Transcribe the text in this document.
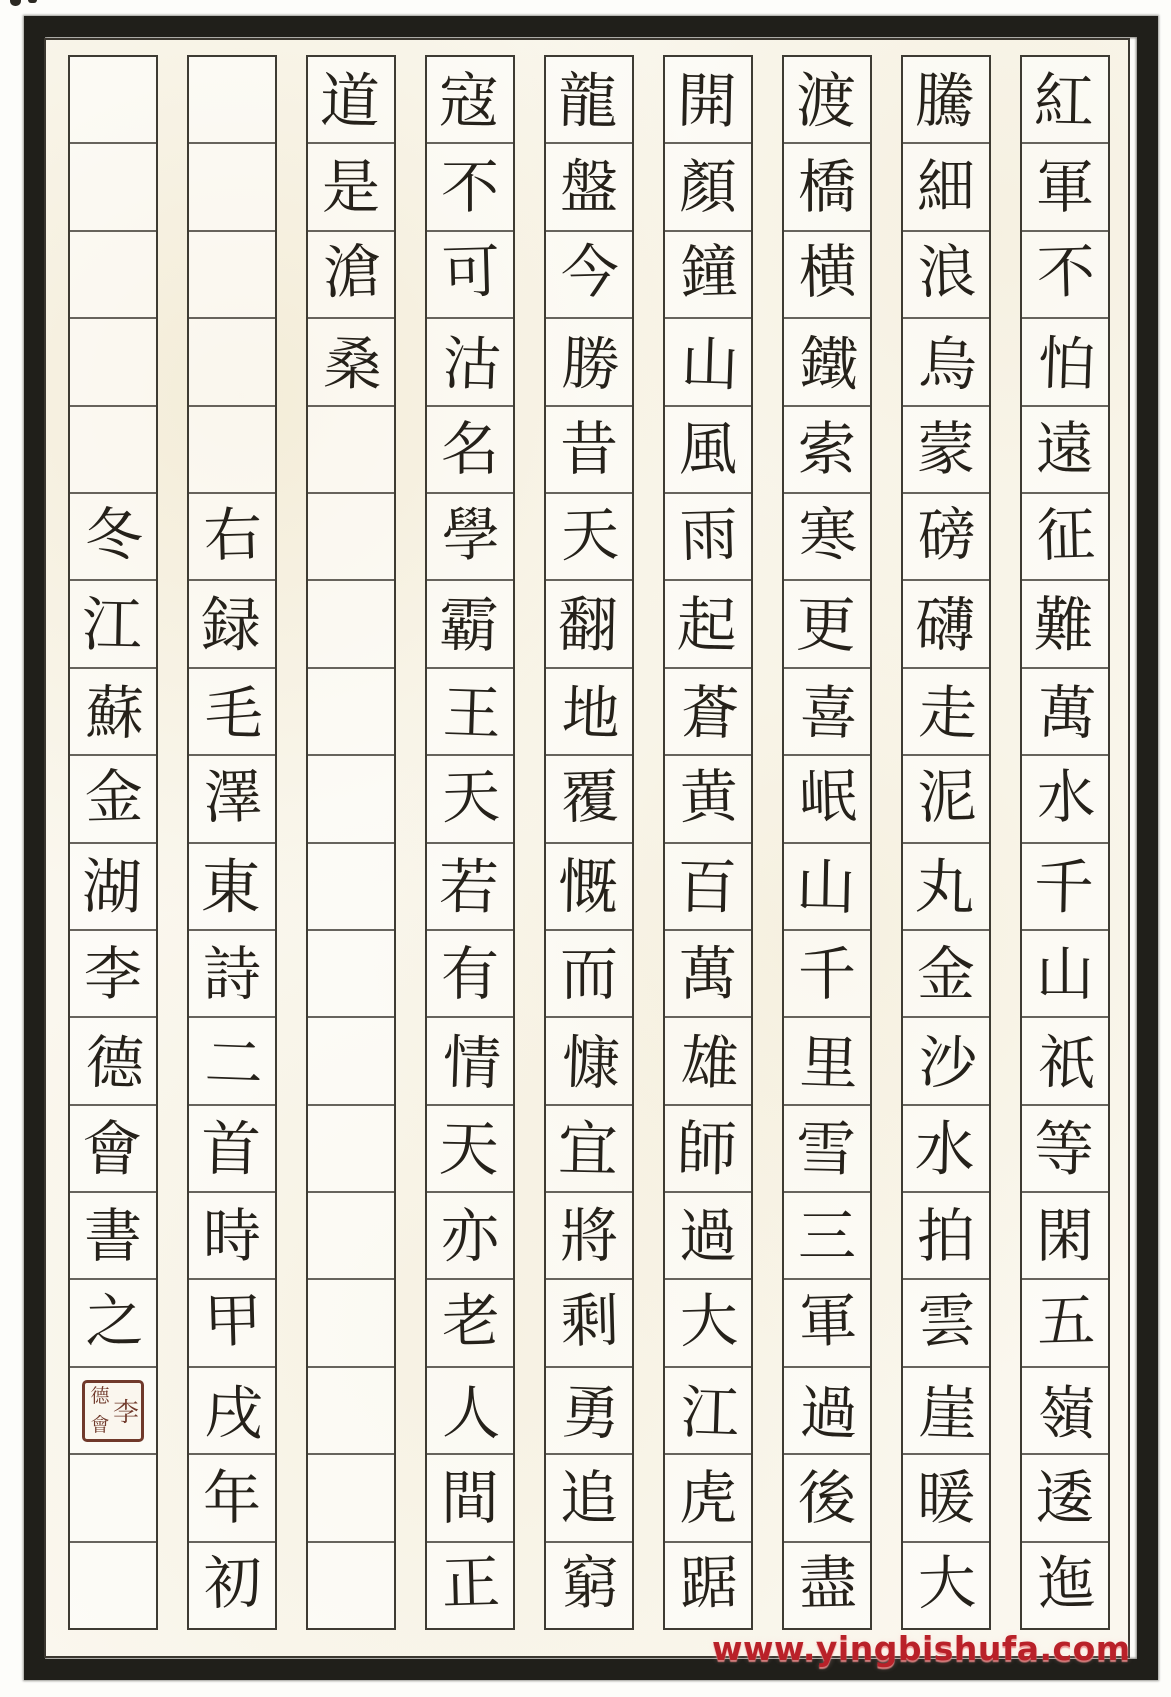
紅
軍
不
怕
遠
征
難
萬
水
千
山
祇
等
閑
五
嶺
逶
迤
騰
細
浪
烏
蒙
磅
礴
走
泥
丸
金
沙
水
拍
雲
崖
暖
大
渡
橋
横
鐵
索
寒
更
喜
岷
山
千
里
雪
三
軍
過
後
盡
開
顏
鐘
山
風
雨
起
蒼
黄
百
萬
雄
師
過
大
江
虎
踞
龍
盤
今
勝
昔
天
翻
地
覆
慨
而
慷
宜
將
剩
勇
追
窮
寇
不
可
沽
名
學
霸
王
天
若
有
情
天
亦
老
人
間
正
道
是
滄
桑
右
録
毛
澤
東
詩
二
首
時
甲
戌
年
初
冬
江
蘇
金
湖
李
德
會
書
之
德
會 李
www.yingbishufa.com
